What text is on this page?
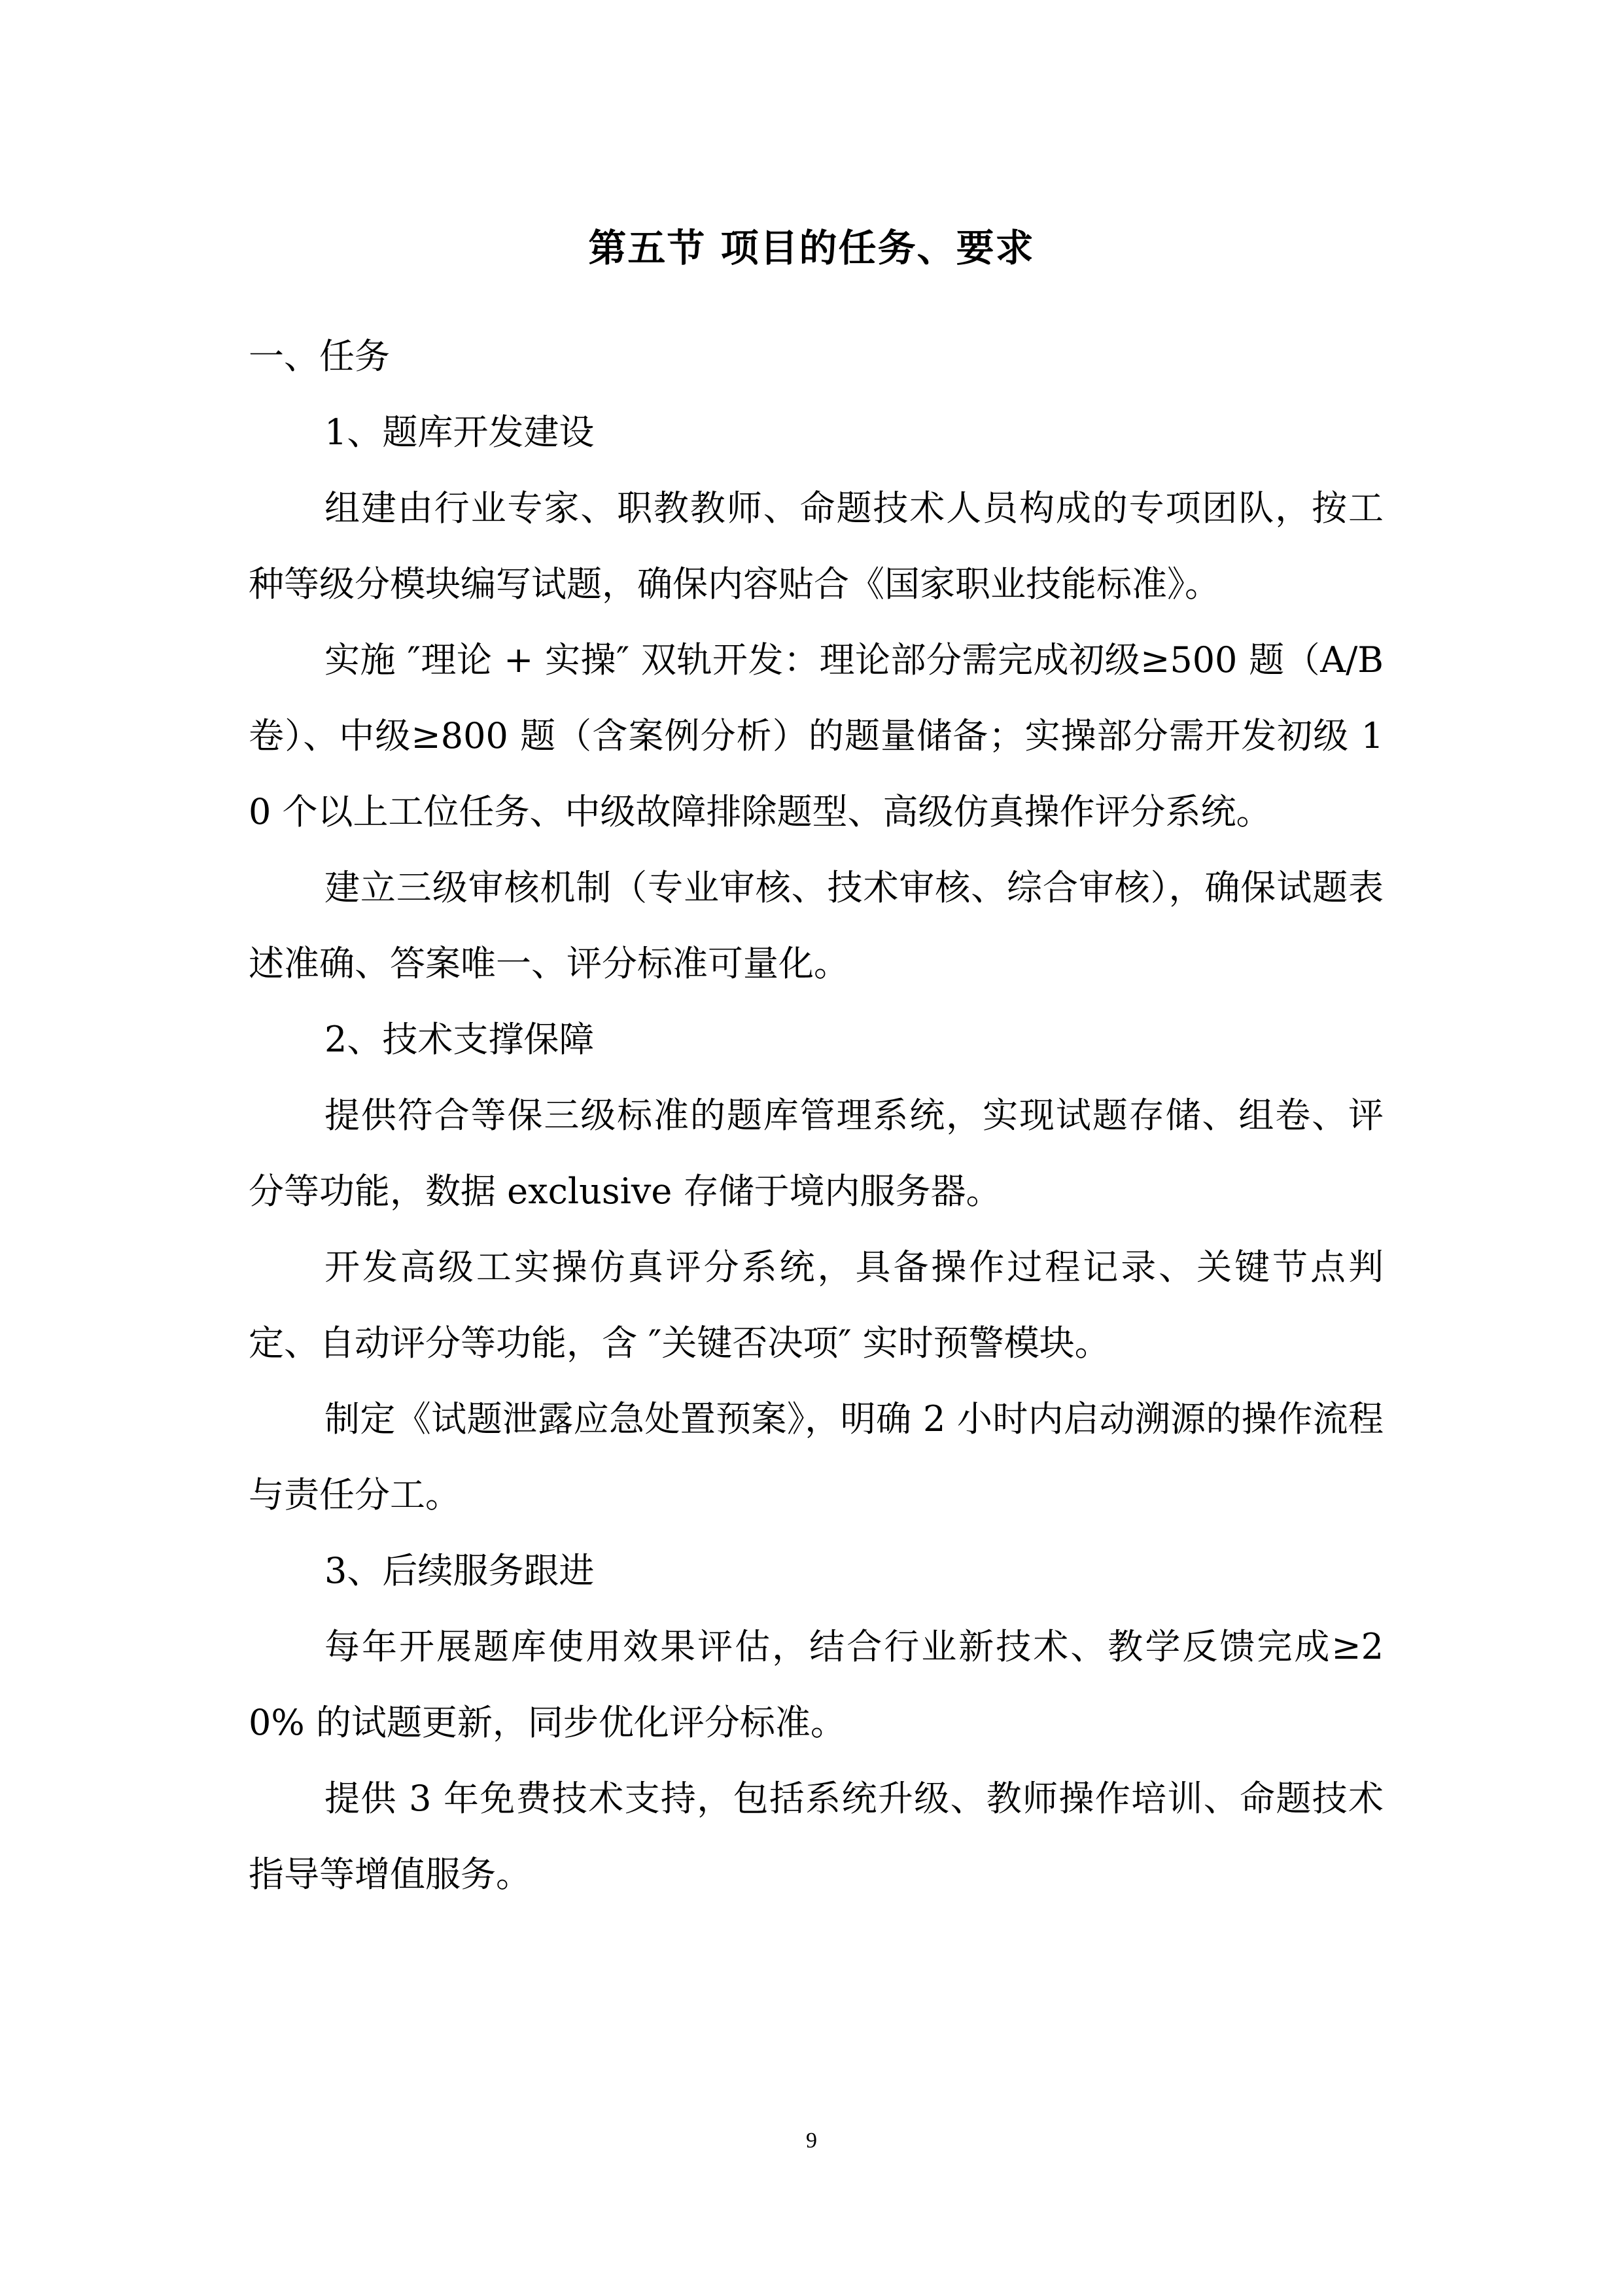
第五节 项目的任务、要求

一、任务

1、题库开发建设

组建由行业专家、职教教师、命题技术人员构成的专项团队，按工种等级分模块编写试题，确保内容贴合《国家职业技能标准》。

实施 ″理论 + 实操″ 双轨开发：理论部分需完成初级≥500 题（A/B 卷）、中级≥800 题（含案例分析）的题量储备；实操部分需开发初级 10 个以上工位任务、中级故障排除题型、高级仿真操作评分系统。

建立三级审核机制（专业审核、技术审核、综合审核），确保试题表述准确、答案唯一、评分标准可量化。

2、技术支撑保障

提供符合等保三级标准的题库管理系统，实现试题存储、组卷、评分等功能，数据 exclusive 存储于境内服务器。

开发高级工实操仿真评分系统，具备操作过程记录、关键节点判定、自动评分等功能，含 ″关键否决项″ 实时预警模块。

制定《试题泄露应急处置预案》，明确 2 小时内启动溯源的操作流程与责任分工。

3、后续服务跟进

每年开展题库使用效果评估，结合行业新技术、教学反馈完成≥20% 的试题更新，同步优化评分标准。

提供 3 年免费技术支持，包括系统升级、教师操作培训、命题技术指导等增值服务。

9
